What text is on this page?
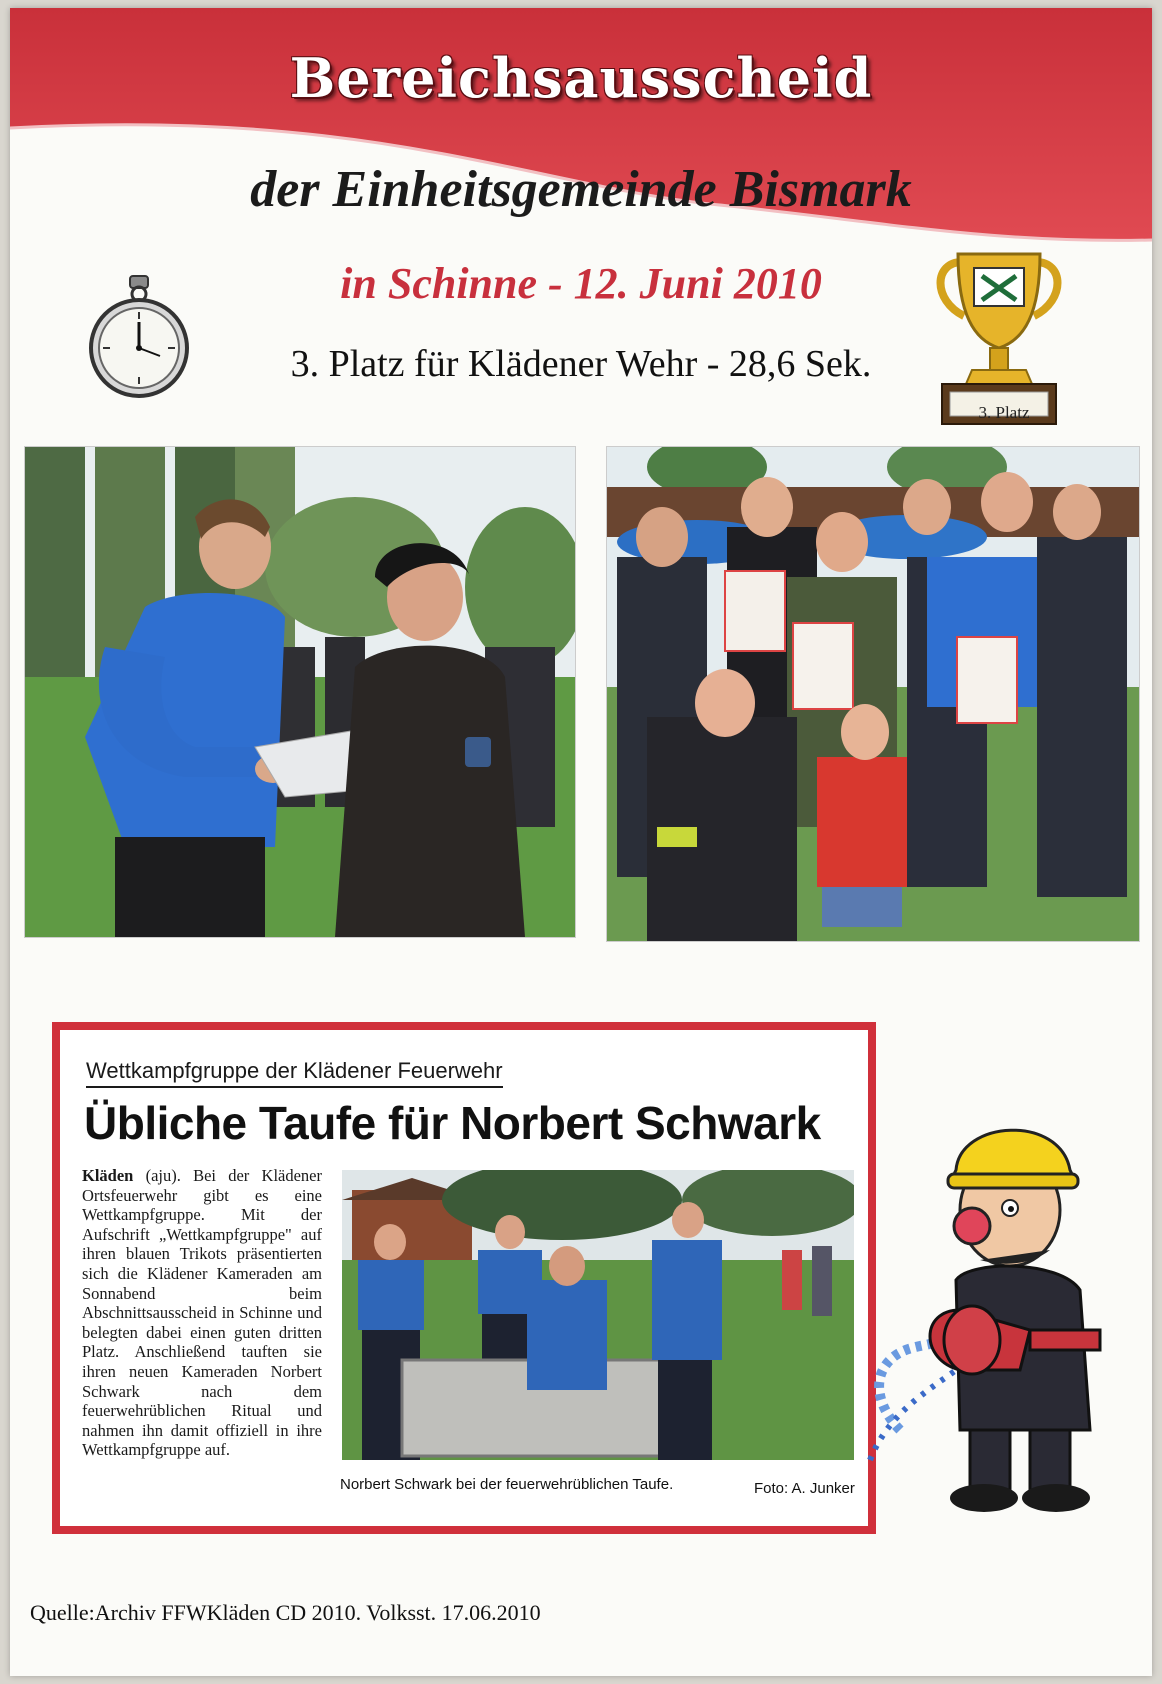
Bereichsausscheid
der Einheitsgemeinde Bismark
in Schinne - 12. Juni 2010
3. Platz für Klädener Wehr - 28,6 Sek.
3. Platz
Wettkampfgruppe der Klädener Feuerwehr
Übliche Taufe für Norbert Schwark
Kläden (aju). Bei der Klädener Ortsfeuerwehr gibt es eine Wettkampfgruppe. Mit der Aufschrift „Wettkampfgruppe" auf ihren blauen Trikots präsentierten sich die Klädener Kameraden am Sonnabend beim Abschnittsausscheid in Schinne und belegten dabei einen guten dritten Platz. Anschließend tauften sie ihren neuen Kameraden Norbert Schwark nach dem feuerwehrüblichen Ritual und nahmen ihn damit offiziell in ihre Wettkampfgruppe auf.
Norbert Schwark bei der feuerwehrüblichen Taufe.	Foto: A. Junker
Quelle:Archiv FFWKläden CD 2010. Volksst. 17.06.2010
